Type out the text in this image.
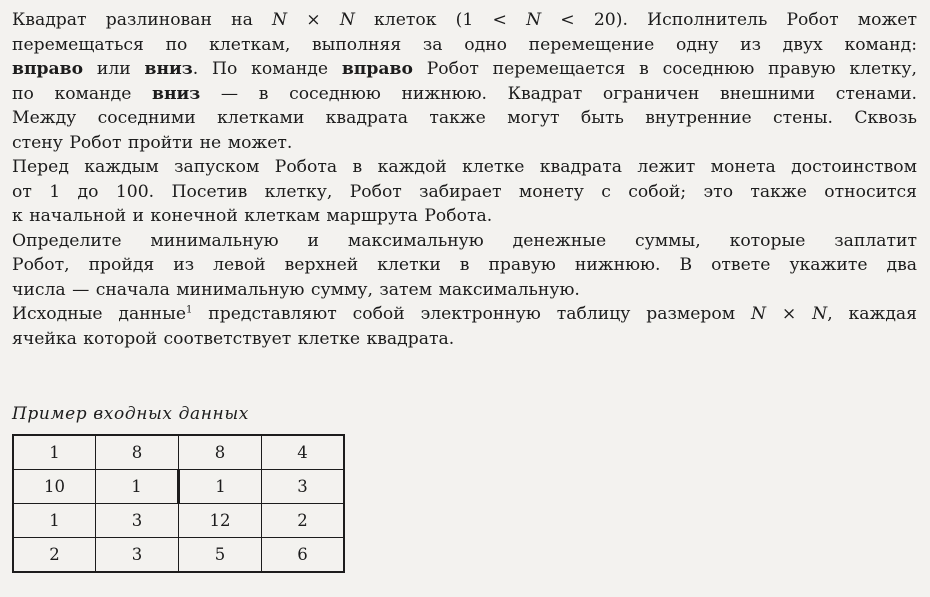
Квадрат разлинован на N × N клеток (1 < N < 20). Исполнитель Робот может
перемещаться по клеткам, выполняя за одно перемещение одну из двух команд:
вправо или вниз. По команде вправо Робот перемещается в соседнюю правую клетку,
по команде вниз — в соседнюю нижнюю. Квадрат ограничен внешними стенами.
Между соседними клетками квадрата также могут быть внутренние стены. Сквозь
стену Робот пройти не может.

Перед каждым запуском Робота в каждой клетке квадрата лежит монета достоинством
от 1 до 100. Посетив клетку, Робот забирает монету с собой; это также относится
к начальной и конечной клеткам маршрута Робота.

Определите минимальную и максимальную денежные суммы, которые заплатит
Робот, пройдя из левой верхней клетки в правую нижнюю. В ответе укажите два
числа — сначала минимальную сумму, затем максимальную.

Исходные данные$^1$ представляют собой электронную таблицу размером N × N, каждая
ячейка которой соответствует клетке квадрата.

Пример входных данных
1	8	8	4
10	1	1	3
1	3	12	2
2	3	5	6
